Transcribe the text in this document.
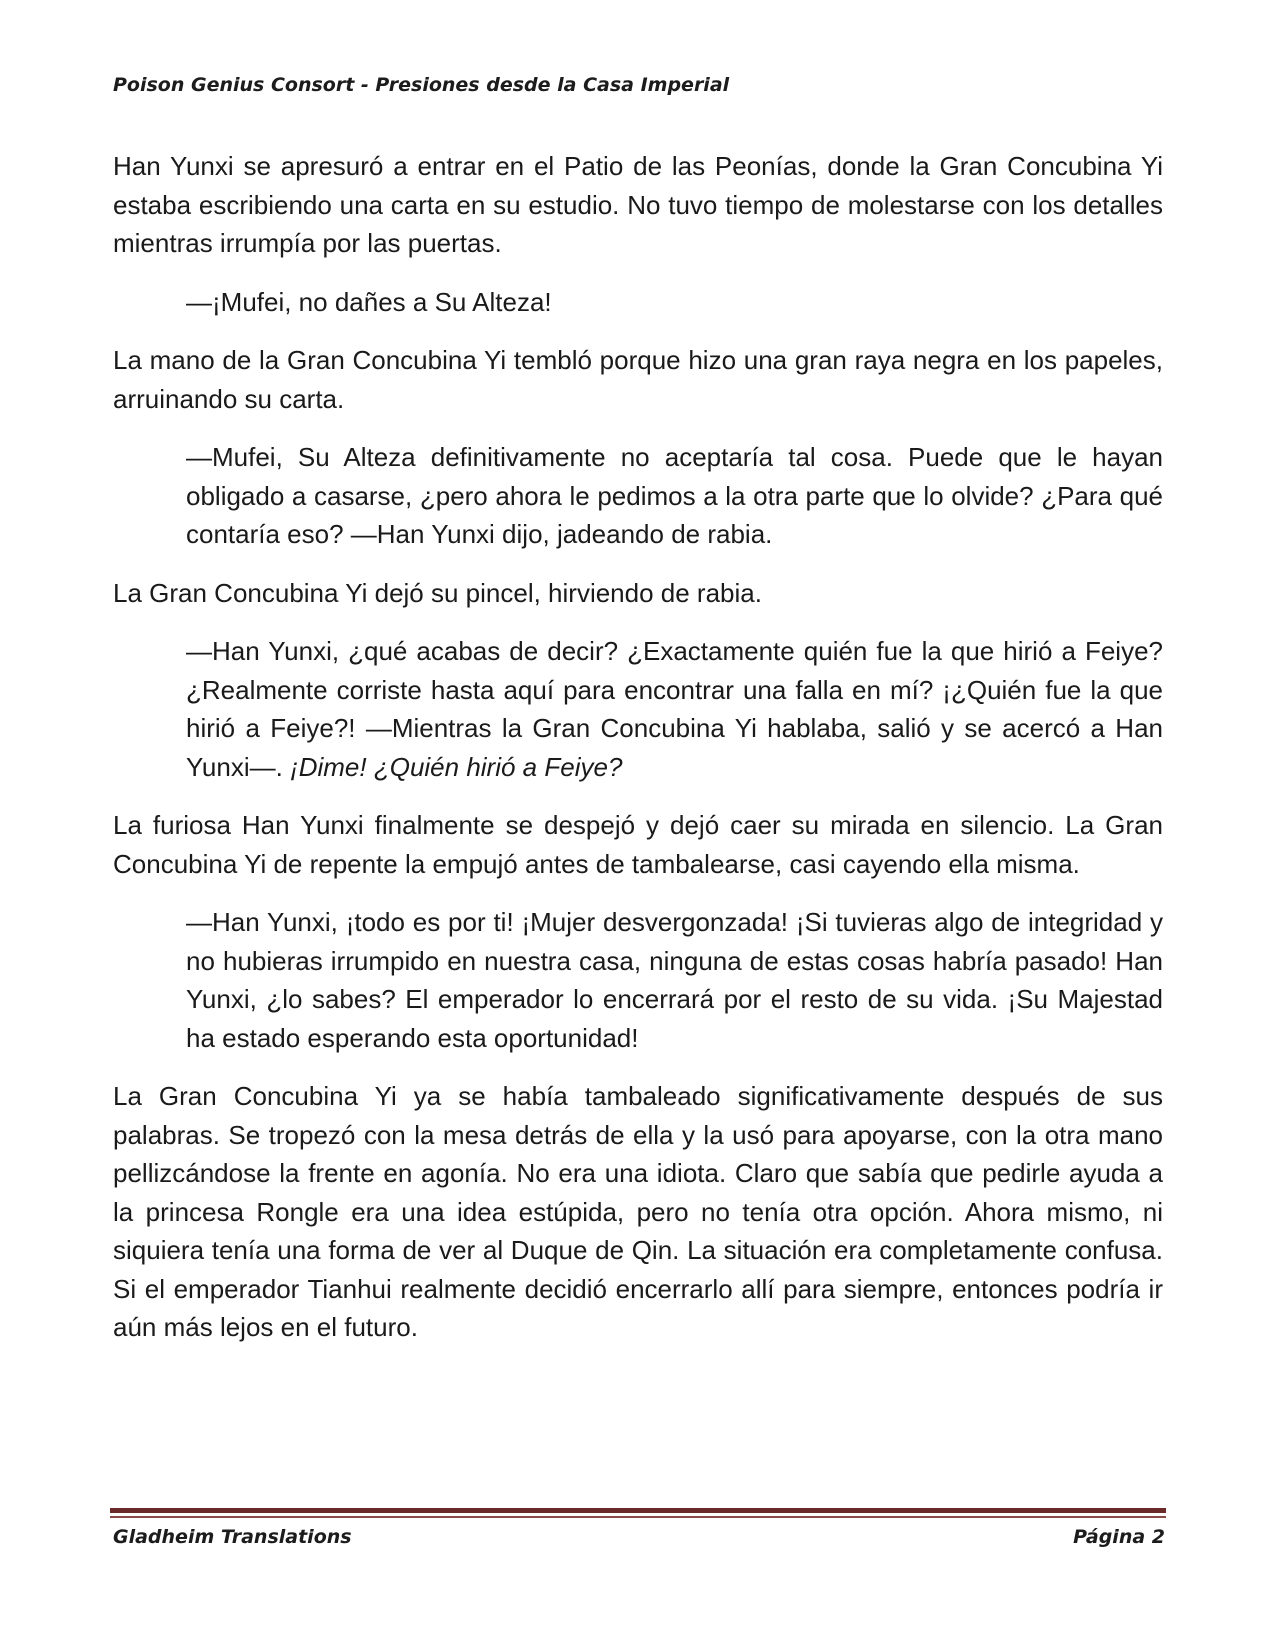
Poison Genius Consort - Presiones desde la Casa Imperial

Han Yunxi se apresuró a entrar en el Patio de las Peonías, donde la Gran Concubina Yi estaba escribiendo una carta en su estudio. No tuvo tiempo de molestarse con los detalles mientras irrumpía por las puertas.

—¡Mufei, no dañes a Su Alteza!

La mano de la Gran Concubina Yi tembló porque hizo una gran raya negra en los papeles, arruinando su carta.

—Mufei, Su Alteza definitivamente no aceptaría tal cosa. Puede que le hayan obligado a casarse, ¿pero ahora le pedimos a la otra parte que lo olvide? ¿Para qué contaría eso? —Han Yunxi dijo, jadeando de rabia.

La Gran Concubina Yi dejó su pincel, hirviendo de rabia.

—Han Yunxi, ¿qué acabas de decir? ¿Exactamente quién fue la que hirió a Feiye? ¿Realmente corriste hasta aquí para encontrar una falla en mí? ¡¿Quién fue la que hirió a Feiye?! —Mientras la Gran Concubina Yi hablaba, salió y se acercó a Han Yunxi—. ¡Dime! ¿Quién hirió a Feiye?

La furiosa Han Yunxi finalmente se despejó y dejó caer su mirada en silencio. La Gran Concubina Yi de repente la empujó antes de tambalearse, casi cayendo ella misma.

—Han Yunxi, ¡todo es por ti! ¡Mujer desvergonzada! ¡Si tuvieras algo de integridad y no hubieras irrumpido en nuestra casa, ninguna de estas cosas habría pasado! Han Yunxi, ¿lo sabes? El emperador lo encerrará por el resto de su vida. ¡Su Majestad ha estado esperando esta oportunidad!

La Gran Concubina Yi ya se había tambaleado significativamente después de sus palabras. Se tropezó con la mesa detrás de ella y la usó para apoyarse, con la otra mano pellizcándose la frente en agonía. No era una idiota. Claro que sabía que pedirle ayuda a la princesa Rongle era una idea estúpida, pero no tenía otra opción. Ahora mismo, ni siquiera tenía una forma de ver al Duque de Qin. La situación era completamente confusa. Si el emperador Tianhui realmente decidió encerrarlo allí para siempre, entonces podría ir aún más lejos en el futuro.

Gladheim Translations	Página 2
